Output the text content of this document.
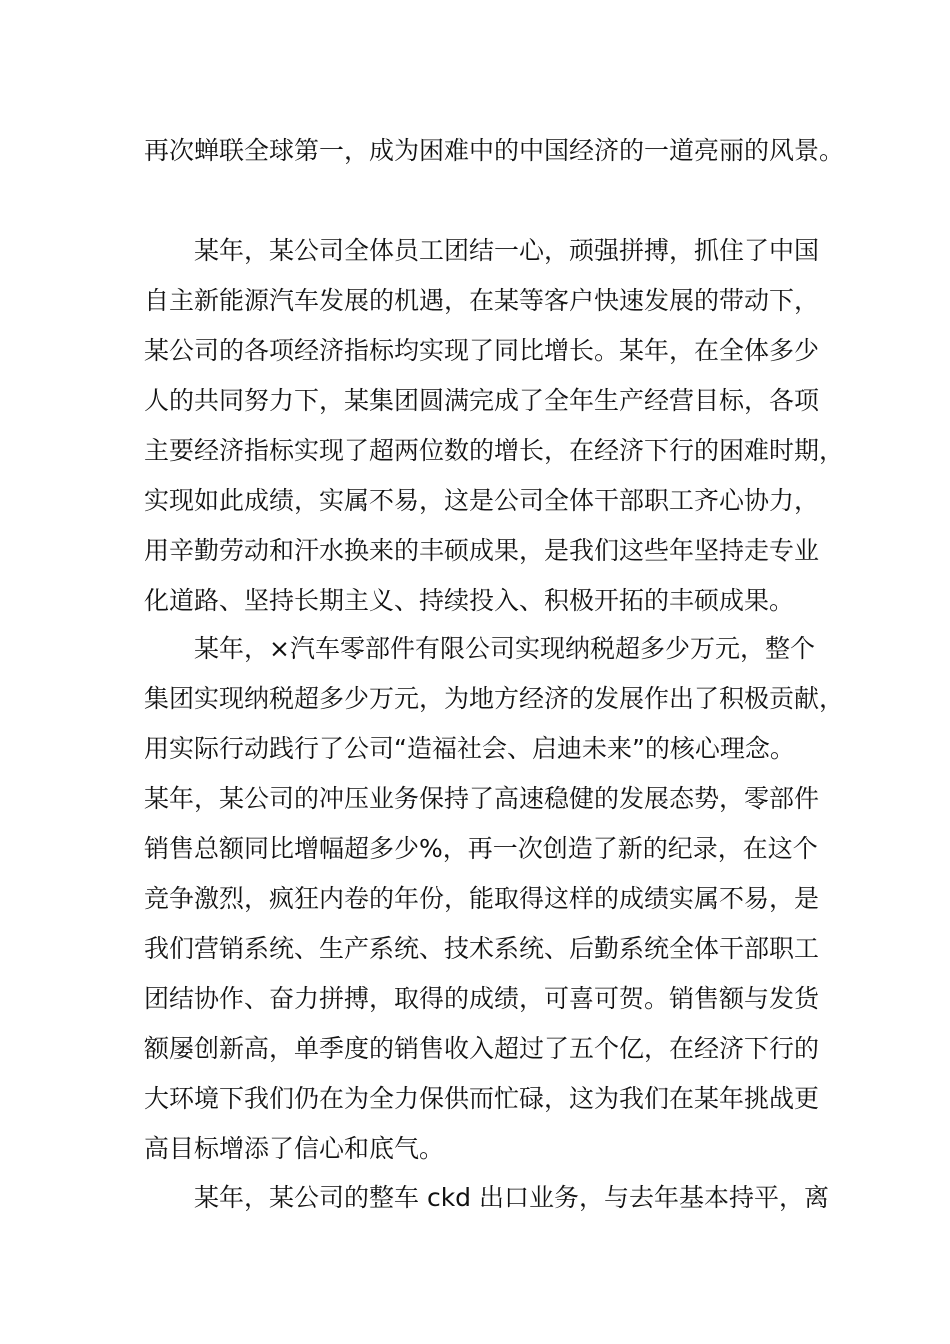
再次蝉联全球第一，成为困难中的中国经济的一道亮丽的风景。
　　某年，某公司全体员工团结一心，顽强拼搏，抓住了中国
自主新能源汽车发展的机遇，在某等客户快速发展的带动下，
某公司的各项经济指标均实现了同比增长。某年，在全体多少
人的共同努力下，某集团圆满完成了全年生产经营目标，各项
主要经济指标实现了超两位数的增长，在经济下行的困难时期，
实现如此成绩，实属不易，这是公司全体干部职工齐心协力，
用辛勤劳动和汗水换来的丰硕成果，是我们这些年坚持走专业
化道路、坚持长期主义、持续投入、积极开拓的丰硕成果。
　　某年，×汽车零部件有限公司实现纳税超多少万元，整个
集团实现纳税超多少万元，为地方经济的发展作出了积极贡献，
用实际行动践行了公司“造福社会、启迪未来”的核心理念。
某年，某公司的冲压业务保持了高速稳健的发展态势，零部件
销售总额同比增幅超多少%，再一次创造了新的纪录，在这个
竞争激烈，疯狂内卷的年份，能取得这样的成绩实属不易，是
我们营销系统、生产系统、技术系统、后勤系统全体干部职工
团结协作、奋力拼搏，取得的成绩，可喜可贺。销售额与发货
额屡创新高，单季度的销售收入超过了五个亿，在经济下行的
大环境下我们仍在为全力保供而忙碌，这为我们在某年挑战更
高目标增添了信心和底气。
　　某年，某公司的整车 ckd 出口业务，与去年基本持平，离
